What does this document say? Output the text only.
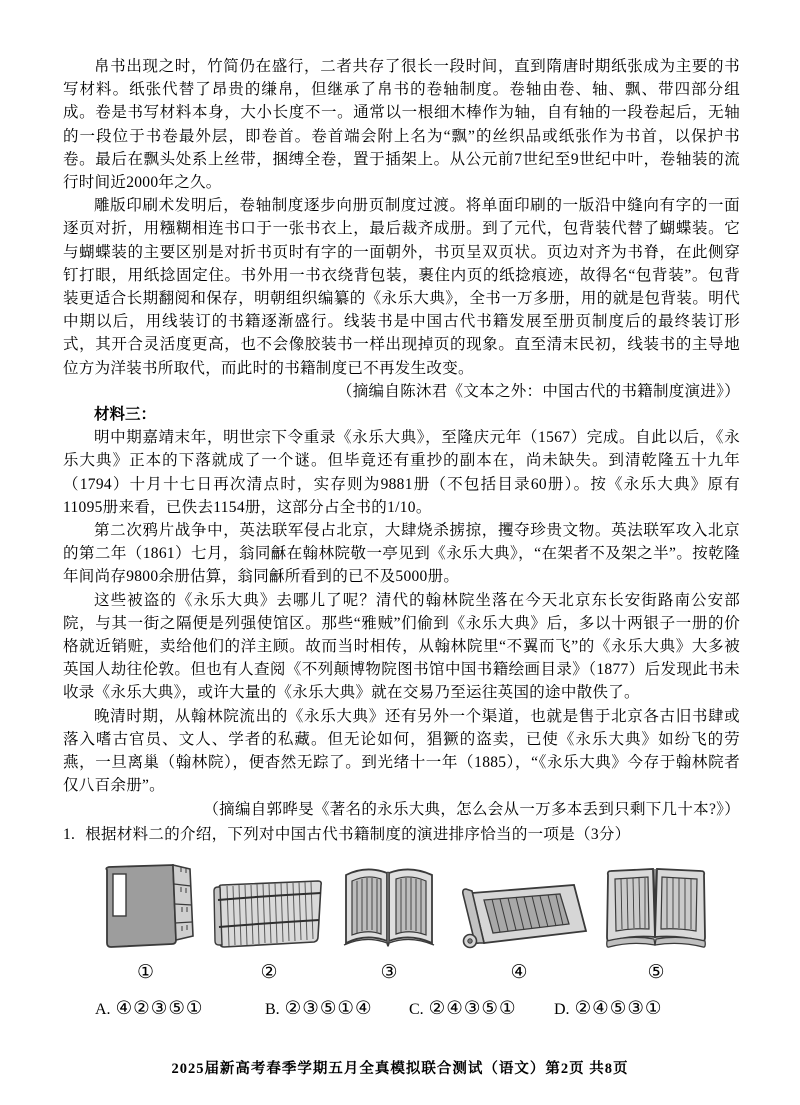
帛书出现之时，竹简仍在盛行，二者共存了很长一段时间，直到隋唐时期纸张成为主要的书写材料。纸张代替了昂贵的缣帛，但继承了帛书的卷轴制度。卷轴由卷、轴、飘、带四部分组成。卷是书写材料本身，大小长度不一。通常以一根细木棒作为轴，自有轴的一段卷起后，无轴的一段位于书卷最外层，即卷首。卷首端会附上名为“飘”的丝织品或纸张作为书首，以保护书卷。最后在飘头处系上丝带，捆缚全卷，置于插架上。从公元前7世纪至9世纪中叶，卷轴装的流行时间近2000年之久。

雕版印刷术发明后，卷轴制度逐步向册页制度过渡。将单面印刷的一版沿中缝向有字的一面逐页对折，用糨糊相连书口于一张书衣上，最后裁齐成册。到了元代，包背装代替了蝴蝶装。它与蝴蝶装的主要区别是对折书页时有字的一面朝外，书页呈双页状。页边对齐为书脊，在此侧穿钉打眼，用纸捻固定住。书外用一书衣绕背包装，裹住内页的纸捻痕迹，故得名“包背装”。包背装更适合长期翻阅和保存，明朝组织编纂的《永乐大典》，全书一万多册，用的就是包背装。明代中期以后，用线装订的书籍逐渐盛行。线装书是中国古代书籍发展至册页制度后的最终装订形式，其开合灵活度更高，也不会像胶装书一样出现掉页的现象。直至清末民初，线装书的主导地位方为洋装书所取代，而此时的书籍制度已不再发生改变。

（摘编自陈沐君《文本之外：中国古代的书籍制度演进》）

材料三：

明中期嘉靖末年，明世宗下令重录《永乐大典》，至隆庆元年（1567）完成。自此以后，《永乐大典》正本的下落就成了一个谜。但毕竟还有重抄的副本在，尚未缺失。到清乾隆五十九年（1794）十月十七日再次清点时，实存则为9881册（不包括目录60册）。按《永乐大典》原有11095册来看，已佚去1154册，这部分占全书的1/10。

第二次鸦片战争中，英法联军侵占北京，大肆烧杀掳掠，攫夺珍贵文物。英法联军攻入北京的第二年（1861）七月，翁同龢在翰林院敬一亭见到《永乐大典》，“在架者不及架之半”。按乾隆年间尚存9800余册估算，翁同龢所看到的已不及5000册。

这些被盗的《永乐大典》去哪儿了呢？清代的翰林院坐落在今天北京东长安街路南公安部院，与其一街之隔便是列强使馆区。那些“雅贼”们偷到《永乐大典》后，多以十两银子一册的价格就近销赃，卖给他们的洋主顾。故而当时相传，从翰林院里“不翼而飞”的《永乐大典》大多被英国人劫往伦敦。但也有人查阅《不列颠博物院图书馆中国书籍绘画目录》（1877）后发现此书未收录《永乐大典》，或许大量的《永乐大典》就在交易乃至运往英国的途中散佚了。

晚清时期，从翰林院流出的《永乐大典》还有另外一个渠道，也就是售于北京各古旧书肆或落入嗜古官员、文人、学者的私藏。但无论如何，猖獗的盗卖，已使《永乐大典》如纷飞的劳燕，一旦离巢（翰林院），便杳然无踪了。到光绪十一年（1885），“《永乐大典》今存于翰林院者仅八百余册”。

（摘编自郭晔旻《著名的永乐大典，怎么会从一万多本丢到只剩下几十本?》）

1. 根据材料二的介绍，下列对中国古代书籍制度的演进排序恰当的一项是（3分）

①	②	③	④	⑤
A. ④②③⑤①	B. ②③⑤①④ C. ②④③⑤① D. ②④⑤③①
2025届新高考春季学期五月全真模拟联合测试（语文）第2页 共8页
